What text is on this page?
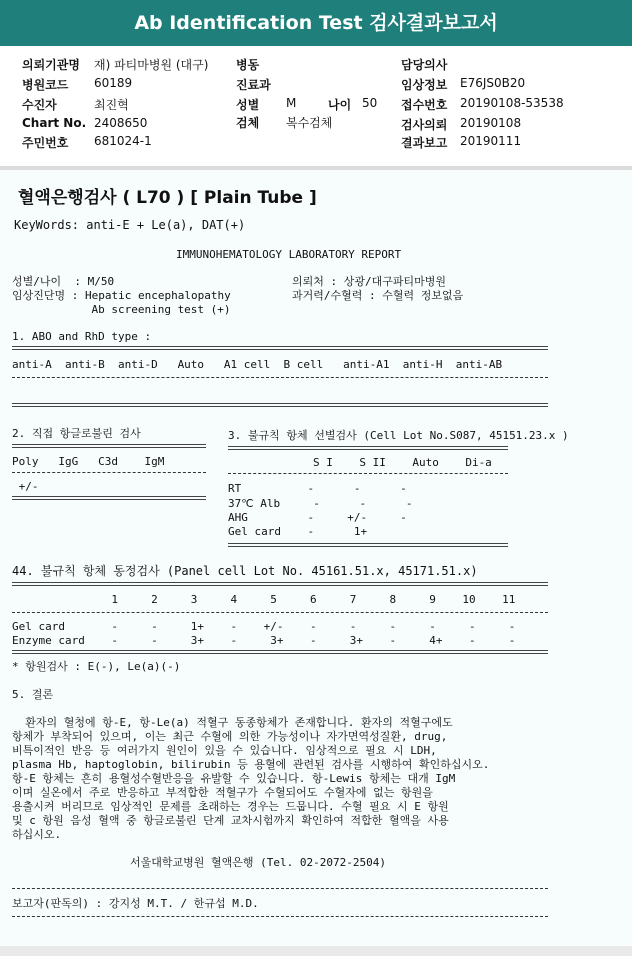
Ab Identification Test 검사결과보고서
의뢰기관명 재) 파티마병원 (대구)
병원코드 60189
수진자	최진혁
Chart No. 2408650
주민번호 681024-1
병동
진료과
성별 M	나이 50
검체 복수검체
담당의사
임상정보 E76JS0B20
접수번호 20190108-53538
검사의뢰 20190108
결과보고 20190111
혈액은행검사 ( L70 ) [ Plain Tube ]
KeyWords: anti-E + Le(a), DAT(+)
IMMUNOHEMATOLOGY LABORATORY REPORT
성별/나이  : M/50
임상진단명 : Hepatic encephalopathy
Ab screening test (+)
의뢰처 : 상광/대구파티마병원
과거력/수혈력 : 수혈력 정보없음
1. ABO and RhD type :
anti-A  anti-B  anti-D   Auto   A1 cell  B cell   anti-A1  anti-H  anti-AB
2. 직접 항글로불린 검사
Poly   IgG   C3d    IgM
+/-
3. 불규칙 항체 선별검사 (Cell Lot No.S087, 45151.23.x )
S I    S II    Auto    Di-a
RT          -      -      -
37℃ Alb     -      -      -
AHG         -     +/-     -
Gel card    -      1+
44. 불규칙 항체 동정검사 (Panel cell Lot No. 45161.51.x, 45171.51.x)
1     2     3     4     5     6     7     8     9    10    11
Gel card       -     -     1+    -    +/-    -     -     -     -     -     -
Enzyme card    -     -     3+    -     3+    -     3+    -     4+    -     -
* 항원검사 : E(-), Le(a)(-)
5. 결론
환자의 혈청에 항-E, 항-Le(a) 적혈구 동종항체가 존재합니다. 환자의 적혈구에도
항체가 부착되어 있으며, 이는 최근 수혈에 의한 가능성이나 자가면역성질환, drug,
비특이적인 반응 등 여러가지 원인이 있을 수 있습니다. 임상적으로 필요 시 LDH,
plasma Hb, haptoglobin, bilirubin 등 용혈에 관련된 검사를 시행하여 확인하십시오.
항-E 항체는 흔히 용혈성수혈반응을 유발할 수 있습니다. 항-Lewis 항체는 대개 IgM
이며 실온에서 주로 반응하고 부적합한 적혈구가 수혈되어도 수혈자에 없는 항원을
용출시켜 버리므로 임상적인 문제를 초래하는 경우는 드뭅니다. 수혈 필요 시 E 항원
및 c 항원 음성 혈액 중 항글로불린 단계 교차시험까지 확인하여 적합한 혈액을 사용
하십시오.
서울대학교병원 혈액은행 (Tel. 02-2072-2504)
보고자(판독의) : 강지성 M.T. / 한규섭 M.D.
